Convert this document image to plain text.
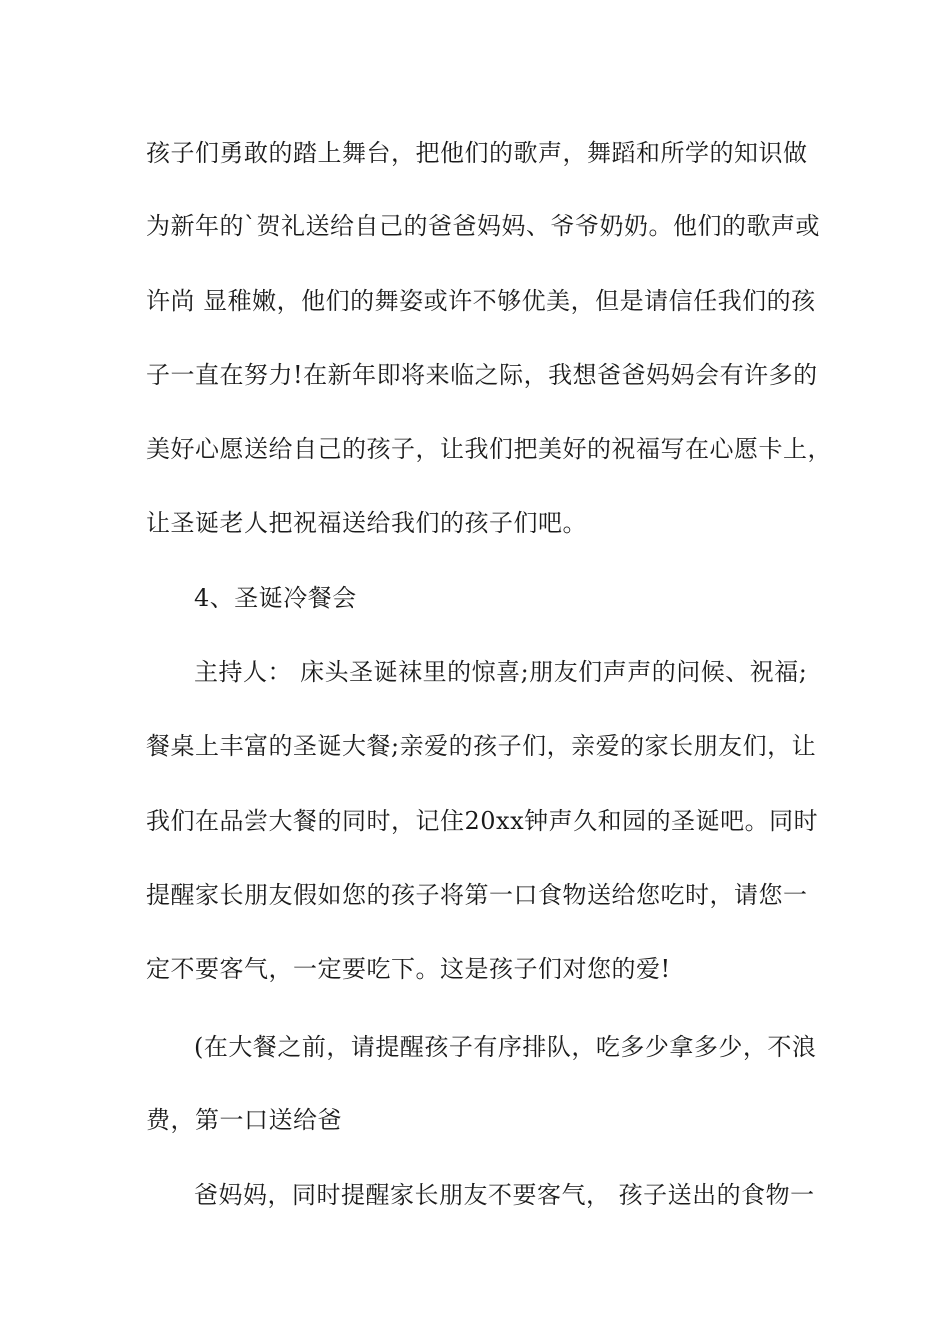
孩子们勇敢的踏上舞台，把他们的歌声，舞蹈和所学的知识做
为新年的`贺礼送给自己的爸爸妈妈、爷爷奶奶。他们的歌声或
许尚 显稚嫩，他们的舞姿或许不够优美，但是请信任我们的孩
子一直在努力!在新年即将来临之际，我想爸爸妈妈会有许多的
美好心愿送给自己的孩子，让我们把美好的祝福写在心愿卡上，
让圣诞老人把祝福送给我们的孩子们吧。
4、圣诞冷餐会
主持人： 床头圣诞袜里的惊喜;朋友们声声的问候、祝福;
餐桌上丰富的圣诞大餐;亲爱的孩子们，亲爱的家长朋友们，让
我们在品尝大餐的同时，记住20xx钟声久和园的圣诞吧。同时
提醒家长朋友假如您的孩子将第一口食物送给您吃时，请您一
定不要客气，一定要吃下。这是孩子们对您的爱!
(在大餐之前，请提醒孩子有序排队，吃多少拿多少，不浪
费，第一口送给爸
爸妈妈，同时提醒家长朋友不要客气， 孩子送出的食物一
